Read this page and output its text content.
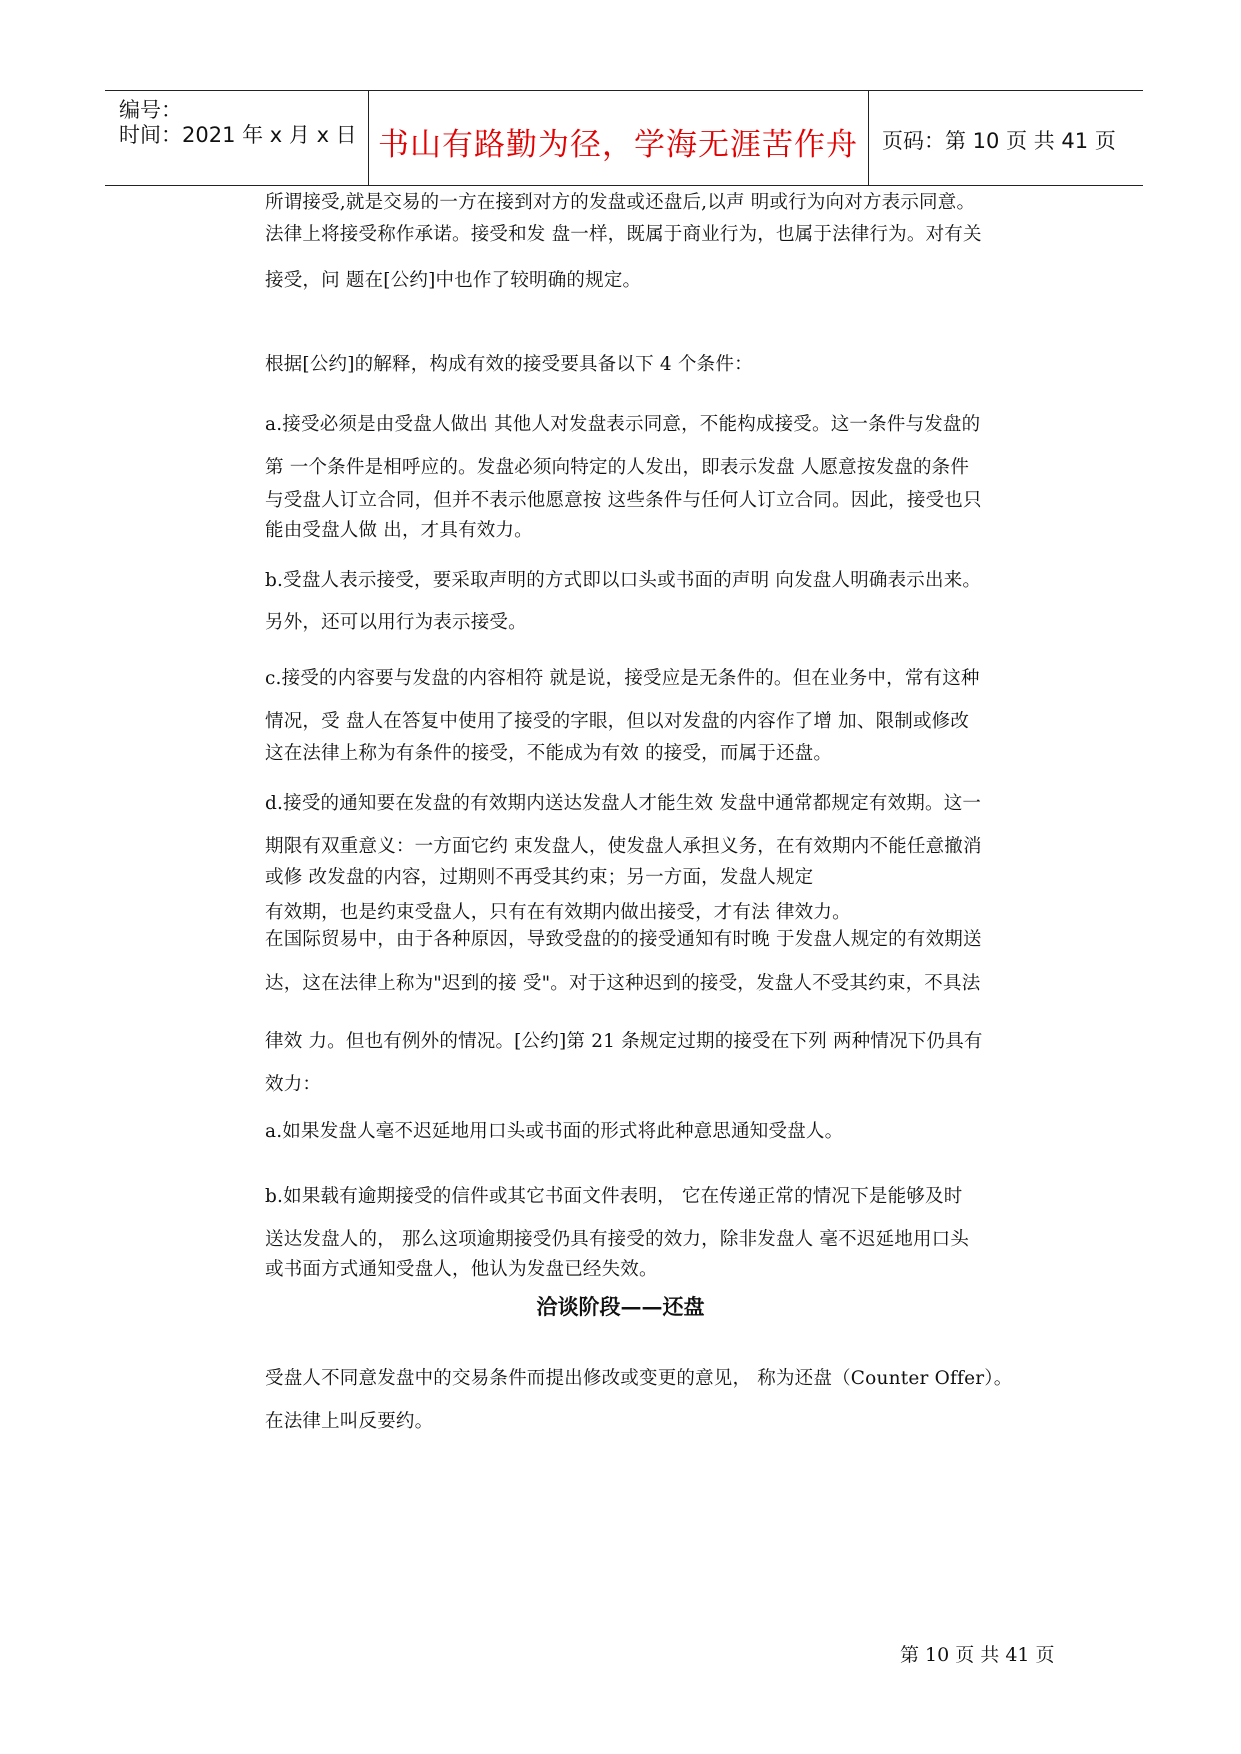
编号：
时间：2021 年 x 月 x 日 书山有路勤为径，学海无涯苦作舟	页码：第 10 页 共 41 页
所谓接受,就是交易的一方在接到对方的发盘或还盘后,以声 明或行为向对方表示同意。
法律上将接受称作承诺。接受和发 盘一样，既属于商业行为，也属于法律行为。对有关
接受，问 题在[公约]中也作了较明确的规定。
根据[公约]的解释，构成有效的接受要具备以下 4 个条件：
a.接受必须是由受盘人做出 其他人对发盘表示同意，不能构成接受。这一条件与发盘的
第 一个条件是相呼应的。发盘必须向特定的人发出，即表示发盘 人愿意按发盘的条件
与受盘人订立合同，但并不表示他愿意按 这些条件与任何人订立合同。因此，接受也只
能由受盘人做 出，才具有效力。
b.受盘人表示接受，要采取声明的方式即以口头或书面的声明 向发盘人明确表示出来。
另外，还可以用行为表示接受。
c.接受的内容要与发盘的内容相符 就是说，接受应是无条件的。但在业务中，常有这种
情况，受 盘人在答复中使用了接受的字眼，但以对发盘的内容作了增 加、限制或修改
这在法律上称为有条件的接受，不能成为有效 的接受，而属于还盘。
d.接受的通知要在发盘的有效期内送达发盘人才能生效 发盘中通常都规定有效期。这一
期限有双重意义：一方面它约 束发盘人，使发盘人承担义务，在有效期内不能任意撤消
或修 改发盘的内容，过期则不再受其约束；另一方面，发盘人规定
有效期，也是约束受盘人，只有在有效期内做出接受，才有法 律效力。
在国际贸易中，由于各种原因，导致受盘的的接受通知有时晚 于发盘人规定的有效期送
达，这在法律上称为"迟到的接 受"。对于这种迟到的接受，发盘人不受其约束，不具法
律效 力。但也有例外的情况。[公约]第 21 条规定过期的接受在下列 两种情况下仍具有
效力：
a.如果发盘人毫不迟延地用口头或书面的形式将此种意思通知受盘人。
b.如果载有逾期接受的信件或其它书面文件表明， 它在传递正常的情况下是能够及时
送达发盘人的， 那么这项逾期接受仍具有接受的效力，除非发盘人 毫不迟延地用口头
或书面方式通知受盘人，他认为发盘已经失效。
洽谈阶段——还盘
受盘人不同意发盘中的交易条件而提出修改或变更的意见， 称为还盘（Counter Offer）。
在法律上叫反要约。
第 10 页 共 41 页
